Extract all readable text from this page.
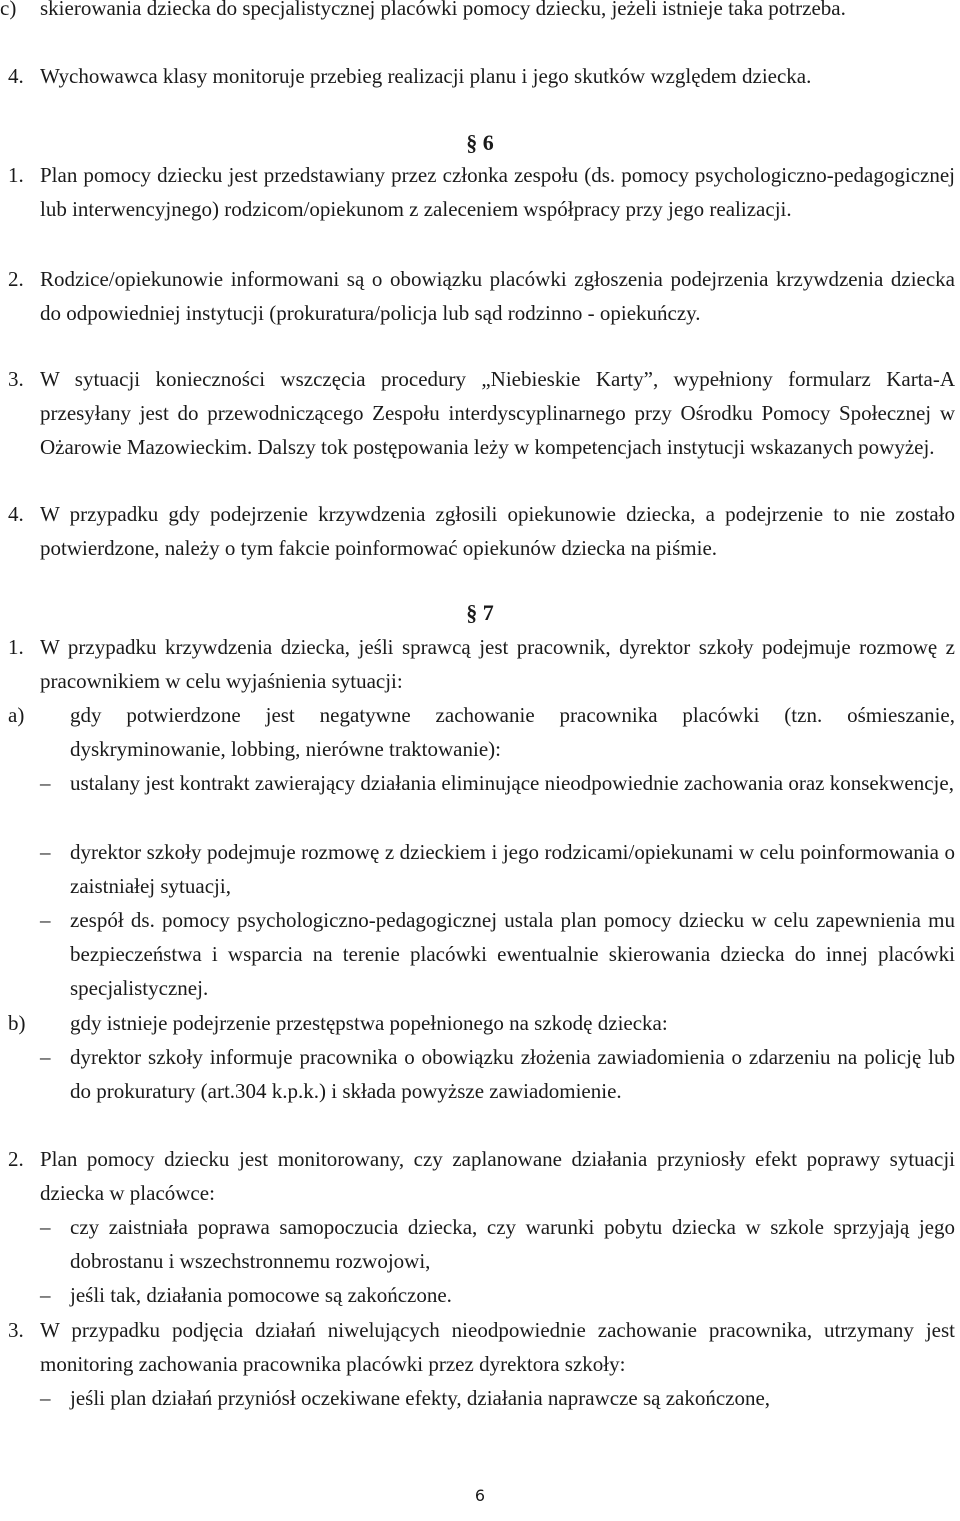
c) skierowania dziecka do specjalistycznej placówki pomocy dziecku, jeżeli istnieje taka potrzeba.
4. Wychowawca klasy monitoruje przebieg realizacji planu i jego skutków względem dziecka.
§ 6
1. Plan pomocy dziecku jest przedstawiany przez członka zespołu (ds. pomocy psychologiczno-pedagogicznej lub interwencyjnego) rodzicom/opiekunom z zaleceniem współpracy przy jego realizacji.
2. Rodzice/opiekunowie informowani są o obowiązku placówki zgłoszenia podejrzenia krzywdzenia dziecka do odpowiedniej instytucji (prokuratura/policja lub sąd rodzinno - opiekuńczy.
3. W sytuacji konieczności wszczęcia procedury „Niebieskie Karty”, wypełniony formularz Karta-A przesyłany jest do przewodniczącego Zespołu interdyscyplinarnego przy Ośrodku Pomocy Społecznej w Ożarowie Mazowieckim. Dalszy tok postępowania leży w kompetencjach instytucji wskazanych powyżej.
4. W przypadku gdy podejrzenie krzywdzenia zgłosili opiekunowie dziecka, a podejrzenie to nie zostało potwierdzone, należy o tym fakcie poinformować opiekunów dziecka na piśmie.
§ 7
1. W przypadku krzywdzenia dziecka, jeśli sprawcą jest pracownik, dyrektor szkoły podejmuje rozmowę z pracownikiem w celu wyjaśnienia sytuacji:
a) gdy potwierdzone jest negatywne zachowanie pracownika placówki (tzn. ośmieszanie, dyskryminowanie, lobbing, nierówne traktowanie):
– ustalany jest kontrakt zawierający działania eliminujące nieodpowiednie zachowania oraz konsekwencje,
– dyrektor szkoły podejmuje rozmowę z dzieckiem i jego rodzicami/opiekunami w celu poinformowania o zaistniałej sytuacji,
– zespół ds. pomocy psychologiczno-pedagogicznej ustala plan pomocy dziecku w celu zapewnienia mu bezpieczeństwa i wsparcia na terenie placówki ewentualnie skierowania dziecka do innej placówki specjalistycznej.
b) gdy istnieje podejrzenie przestępstwa popełnionego na szkodę dziecka:
– dyrektor szkoły informuje pracownika o obowiązku złożenia zawiadomienia o zdarzeniu na policję lub do prokuratury (art.304 k.p.k.) i składa powyższe zawiadomienie.
2. Plan pomocy dziecku jest monitorowany, czy zaplanowane działania przyniosły efekt poprawy sytuacji dziecka w placówce:
– czy zaistniała poprawa samopoczucia dziecka, czy warunki pobytu dziecka w szkole sprzyjają jego dobrostanu i wszechstronnemu rozwojowi,
– jeśli tak, działania pomocowe są zakończone.
3. W przypadku podjęcia działań niwelujących nieodpowiednie zachowanie pracownika, utrzymany jest monitoring zachowania pracownika placówki przez dyrektora szkoły:
– jeśli plan działań przyniósł oczekiwane efekty, działania naprawcze są zakończone,
6
